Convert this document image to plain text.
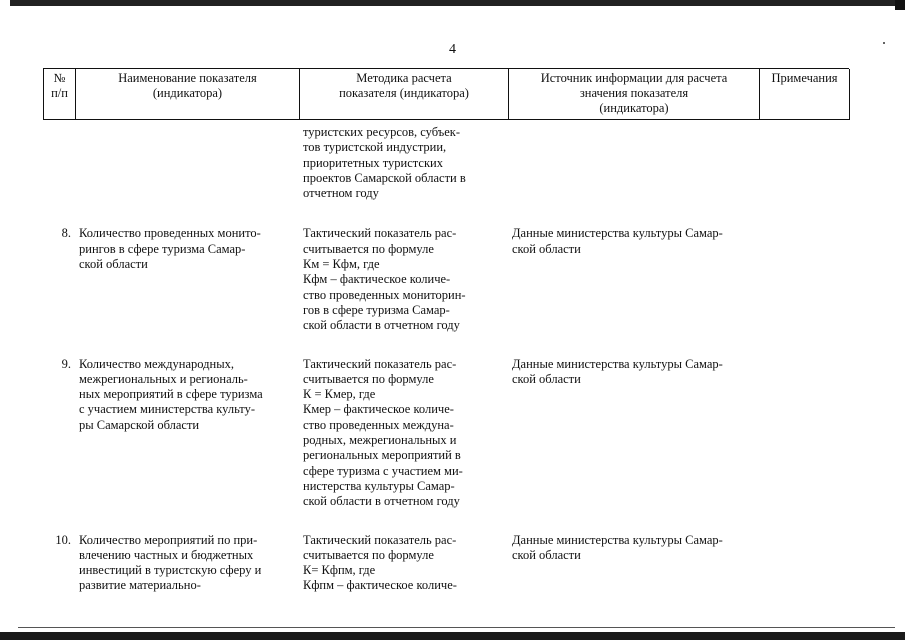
4
№
п/п
Наименование показателя
(индикатора)
Методика расчета
показателя (индикатора)
Источник информации для расчета
значения показателя
(индикатора)
Примечания
туристских ресурсов, субъек-
тов туристской индустрии,
приоритетных туристских
проектов Самарской области в
отчетном году
8. Количество проведенных монито-
рингов в сфере туризма Самар-
ской области
Тактический показатель рас-
считывается по формуле
Км = Кфм, где
Кфм – фактическое количе-
ство проведенных мониторин-
гов в сфере туризма Самар-
ской области в отчетном году
Данные министерства культуры Самар-
ской области
9. Количество международных,
межрегиональных и региональ-
ных мероприятий в сфере туризма
с участием министерства культу-
ры Самарской области
Тактический показатель рас-
считывается по формуле
К = Кмер, где
Кмер – фактическое количе-
ство проведенных междуна-
родных, межрегиональных и
региональных мероприятий в
сфере туризма с участием ми-
нистерства культуры Самар-
ской области в отчетном году
Данные министерства культуры Самар-
ской области
10. Количество мероприятий по при-
влечению частных и бюджетных
инвестиций в туристскую сферу и
развитие материально-
Тактический показатель рас-
считывается по формуле
К= Кфпм, где
Кфпм – фактическое количе-
Данные министерства культуры Самар-
ской области
